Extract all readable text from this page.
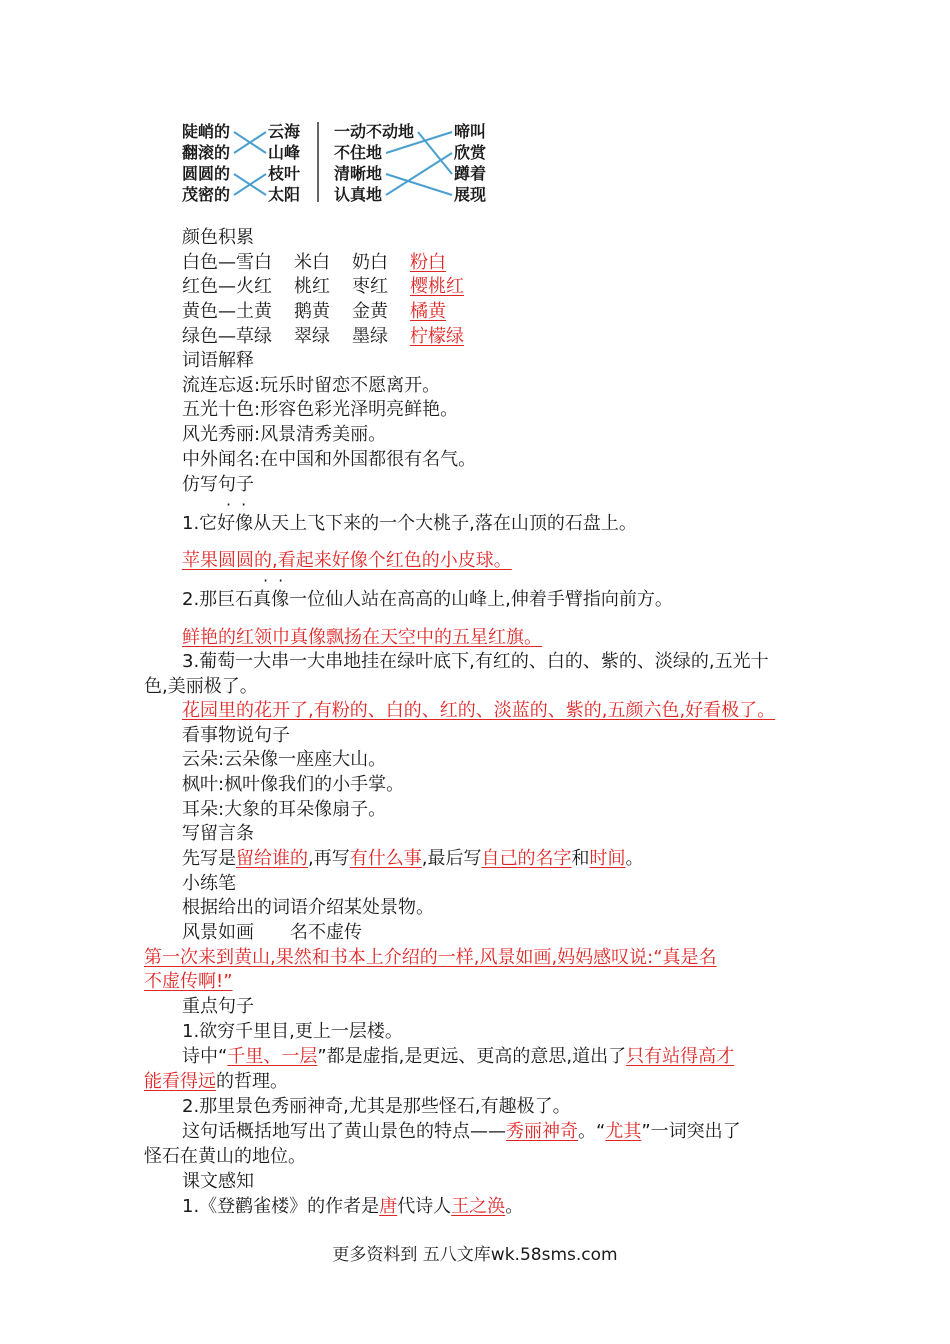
陡峭的
翻滚的
圆圆的
茂密的
云海
山峰
枝叶
太阳
一动不动地
不住地
清晰地
认真地
啼叫
欣赏
蹲着
展现
颜色积累
白色—雪白 米白 奶白 粉白
红色—火红 桃红 枣红 樱桃红
黄色—土黄 鹅黄 金黄 橘黄
绿色—草绿 翠绿 墨绿 柠檬绿
词语解释
流连忘返:玩乐时留恋不愿离开。
五光十色:形容色彩光泽明亮鲜艳。
风光秀丽:风景清秀美丽。
中外闻名:在中国和外国都很有名气。
仿写句子
··
1.它好像从天上飞下来的一个大桃子,落在山顶的石盘上。
苹果圆圆的,看起来好像个红色的小皮球。
··
2.那巨石真像一位仙人站在高高的山峰上,伸着手臂指向前方。
鲜艳的红领巾真像飘扬在天空中的五星红旗。
3.葡萄一大串一大串地挂在绿叶底下,有红的、白的、紫的、淡绿的,五光十
色,美丽极了。
花园里的花开了,有粉的、白的、红的、淡蓝的、紫的,五颜六色,好看极了。
看事物说句子
云朵:云朵像一座座大山。
枫叶:枫叶像我们的小手掌。
耳朵:大象的耳朵像扇子。
写留言条
先写是留给谁的,再写有什么事,最后写自己的名字和时间。
小练笔
根据给出的词语介绍某处景物。
风景如画　　名不虚传
第一次来到黄山,果然和书本上介绍的一样,风景如画,妈妈感叹说:“真是名
不虚传啊!”
重点句子
1.欲穷千里目,更上一层楼。
诗中“千里、一层”都是虚指,是更远、更高的意思,道出了只有站得高才
能看得远的哲理。
2.那里景色秀丽神奇,尤其是那些怪石,有趣极了。
这句话概括地写出了黄山景色的特点——秀丽神奇。“尤其”一词突出了
怪石在黄山的地位。
课文感知
1.《登鹳雀楼》的作者是唐代诗人王之涣。
更多资料到 五八文库wk.58sms.com
